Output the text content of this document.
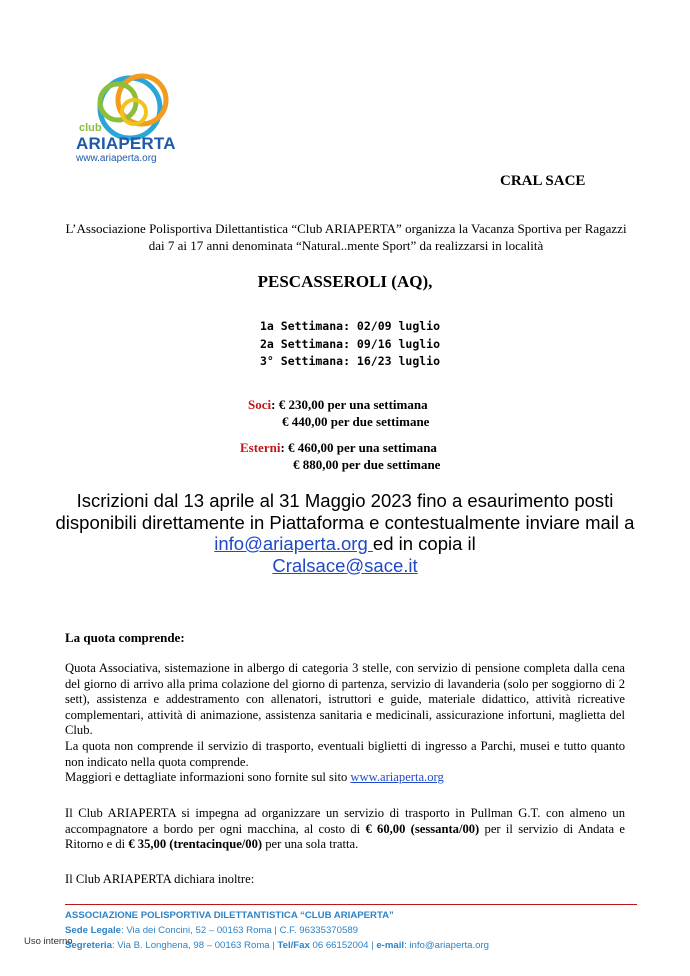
club
ARIAPERTA
www.ariaperta.org
CRAL SACE
L’Associazione Polisportiva Dilettantistica “Club ARIAPERTA” organizza la Vacanza Sportiva per Ragazzi dai 7 ai 17 anni denominata “Natural..mente Sport” da realizzarsi in località
PESCASSEROLI (AQ),
1a Settimana: 02/09 luglio
2a Settimana: 09/16 luglio
3° Settimana: 16/23 luglio
Soci: € 230,00 per una settimana
€ 440,00 per due settimane
Esterni: € 460,00 per una settimana
€ 880,00 per due settimane
Iscrizioni dal 13 aprile al 31 Maggio 2023 fino a esaurimento posti disponibili direttamente in Piattaforma e contestualmente inviare mail a info@ariaperta.org ed in copia il
Cralsace@sace.it
La quota comprende:
Quota Associativa, sistemazione in albergo di categoria 3 stelle, con servizio di pensione completa dalla cena del giorno di arrivo alla prima colazione del giorno di partenza, servizio di lavanderia (solo per soggiorno di 2 sett), assistenza e addestramento con allenatori, istruttori e guide, materiale didattico, attività ricreative complementari, attività di animazione, assistenza sanitaria e medicinali, assicurazione infortuni, maglietta del Club.
La quota non comprende il servizio di trasporto, eventuali biglietti di ingresso a Parchi, musei e tutto quanto non indicato nella quota comprende.
Maggiori e dettagliate informazioni sono fornite sul sito www.ariaperta.org
Il Club ARIAPERTA si impegna ad organizzare un servizio di trasporto in Pullman G.T. con almeno un accompagnatore a bordo per ogni macchina, al costo di € 60,00 (sessanta/00) per il servizio di Andata e Ritorno e di € 35,00 (trentacinque/00) per una sola tratta.
Il Club ARIAPERTA dichiara inoltre:
ASSOCIAZIONE POLISPORTIVA DILETTANTISTICA “CLUB ARIAPERTA”
Sede Legale: Via dei Concini, 52 – 00163 Roma | C.F. 96335370589
Segreteria: Via B. Longhena, 98 – 00163 Roma | Tel/Fax 06 66152004 | e-mail: info@ariaperta.org
Uso interno
